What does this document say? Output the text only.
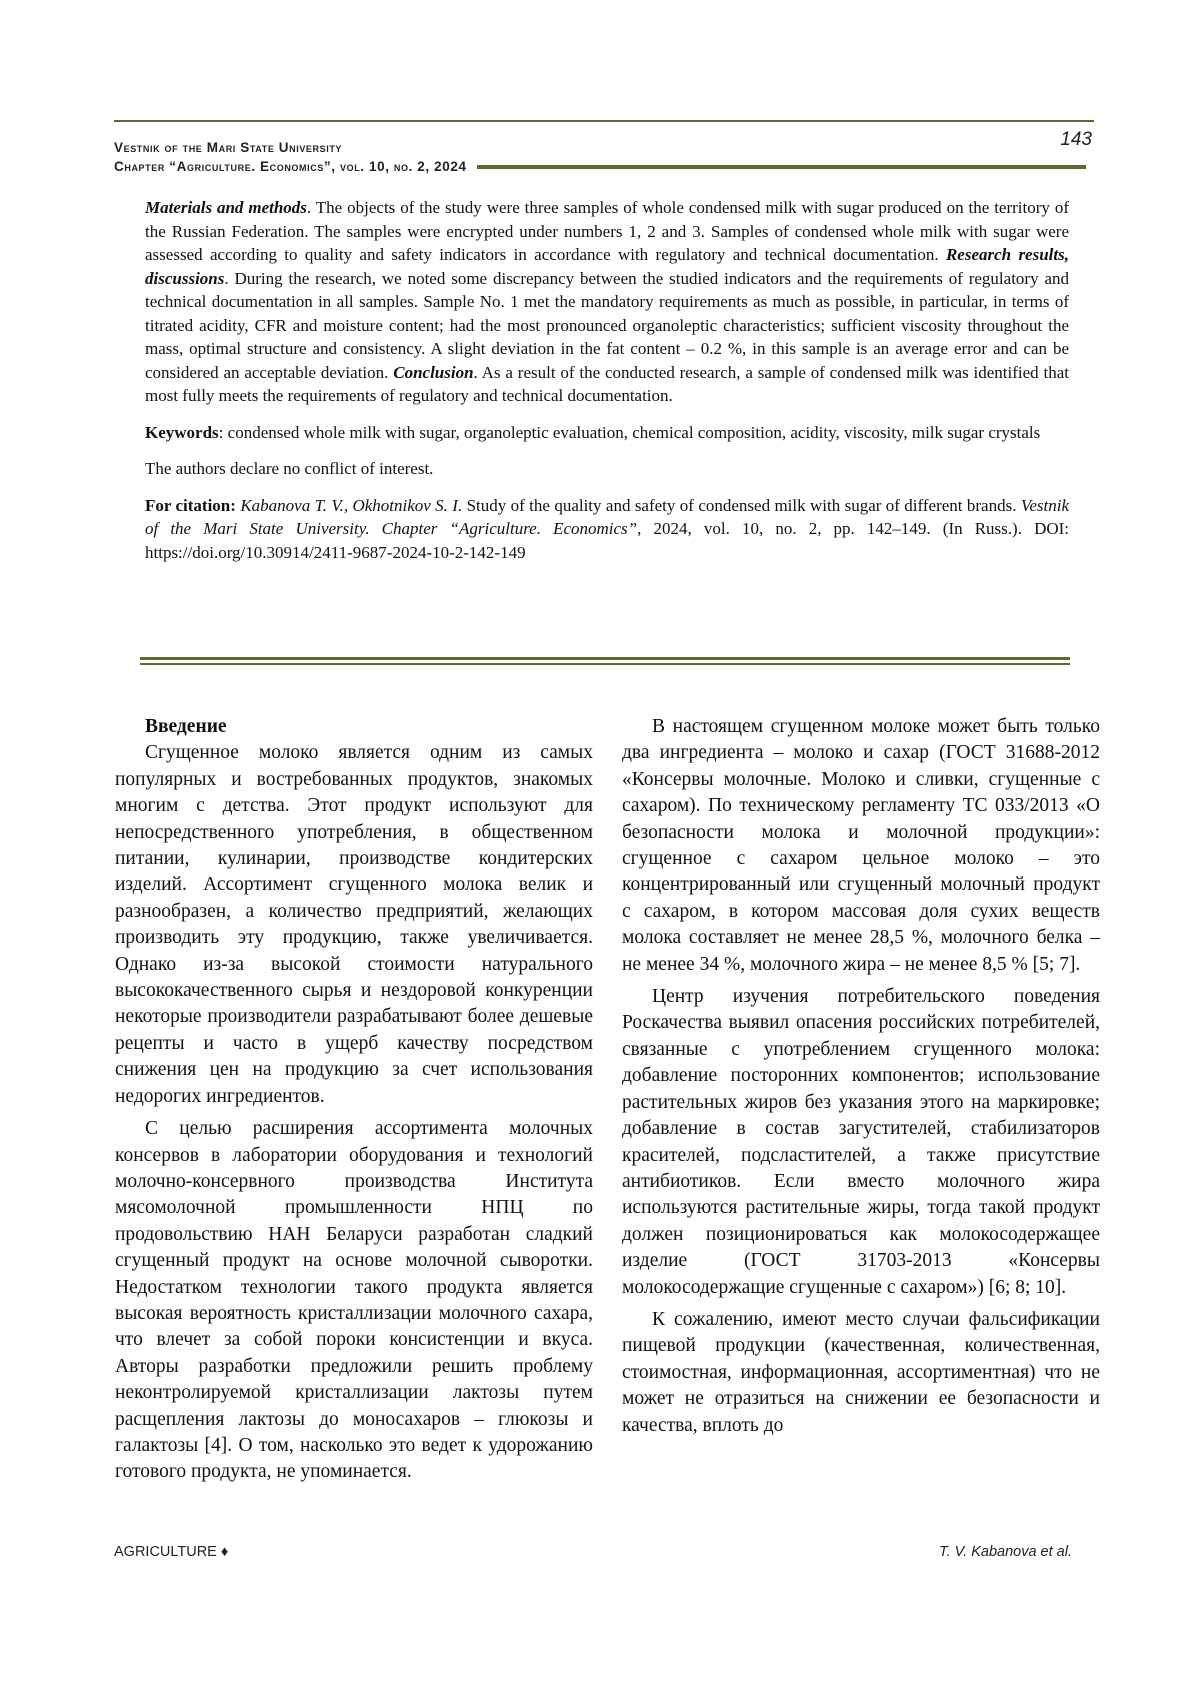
143
Vestnik of the Mari State University
Chapter “Agriculture. Economics”, vol. 10, no. 2, 2024

Materials and methods. The objects of the study were three samples of whole condensed milk with sugar produced on the territory of the Russian Federation. The samples were encrypted under numbers 1, 2 and 3. Samples of condensed whole milk with sugar were assessed according to quality and safety indicators in accordance with regulatory and technical documentation. Research results, discussions. During the research, we noted some discrepancy between the studied indicators and the requirements of regulatory and technical documentation in all samples. Sample No. 1 met the mandatory requirements as much as possible, in particular, in terms of titrated acidity, CFR and moisture content; had the most pronounced organoleptic characteristics; sufficient viscosity throughout the mass, optimal structure and consistency. A slight deviation in the fat content – 0.2 %, in this sample is an average error and can be considered an acceptable deviation. Conclusion. As a result of the conducted research, a sample of condensed milk was identified that most fully meets the requirements of regulatory and technical documentation.

Keywords: condensed whole milk with sugar, organoleptic evaluation, chemical composition, acidity, viscosity, milk sugar crystals

The authors declare no conflict of interest.

For citation: Kabanova T. V., Okhotnikov S. I. Study of the quality and safety of condensed milk with sugar of different brands. Vestnik of the Mari State University. Chapter “Agriculture. Economics”, 2024, vol. 10, no. 2, pp. 142–149. (In Russ.). DOI: https://doi.org/10.30914/2411-9687-2024-10-2-142-149

Введение

Сгущенное молоко является одним из самых популярных и востребованных продуктов, знакомых многим с детства. Этот продукт используют для непосредственного употребления, в общественном питании, кулинарии, производстве кондитерских изделий. Ассортимент сгущенного молока велик и разнообразен, а количество предприятий, желающих производить эту продукцию, также увеличивается. Однако из-за высокой стоимости натурального высококачественного сырья и нездоровой конкуренции некоторые производители разрабатывают более дешевые рецепты и часто в ущерб качеству посредством снижения цен на продукцию за счет использования недорогих ингредиентов.

С целью расширения ассортимента молочных консервов в лаборатории оборудования и технологий молочно-консервного производства Института мясомолочной промышленности НПЦ по продовольствию НАН Беларуси разработан сладкий сгущенный продукт на основе молочной сыворотки. Недостатком технологии такого продукта является высокая вероятность кристаллизации молочного сахара, что влечет за собой пороки консистенции и вкуса. Авторы разработки предложили решить проблему неконтролируемой кристаллизации лактозы путем расщепления лактозы до моносахаров – глюкозы и галактозы [4]. О том, насколько это ведет к удорожанию готового продукта, не упоминается.

В настоящем сгущенном молоке может быть только два ингредиента – молоко и сахар (ГОСТ 31688-2012 «Консервы молочные. Молоко и сливки, сгущенные с сахаром). По техническому регламенту ТС 033/2013 «О безопасности молока и молочной продукции»: сгущенное с сахаром цельное молоко – это концентрированный или сгущенный молочный продукт с сахаром, в котором массовая доля сухих веществ молока составляет не менее 28,5 %, молочного белка – не менее 34 %, молочного жира – не менее 8,5 % [5; 7].

Центр изучения потребительского поведения Роскачества выявил опасения российских потребителей, связанные с употреблением сгущенного молока: добавление посторонних компонентов; использование растительных жиров без указания этого на маркировке; добавление в состав загустителей, стабилизаторов красителей, подсластителей, а также присутствие антибиотиков. Если вместо молочного жира используются растительные жиры, тогда такой продукт должен позиционироваться как молокосодержащее изделие (ГОСТ 31703-2013 «Консервы молокосодержащие сгущенные с сахаром») [6; 8; 10].

К сожалению, имеют место случаи фальсификации пищевой продукции (качественная, количественная, стоимостная, информационная, ассортиментная) что не может не отразиться на снижении ее безопасности и качества, вплоть до

AGRICULTURE ♦	T. V. Kabanova et al.
